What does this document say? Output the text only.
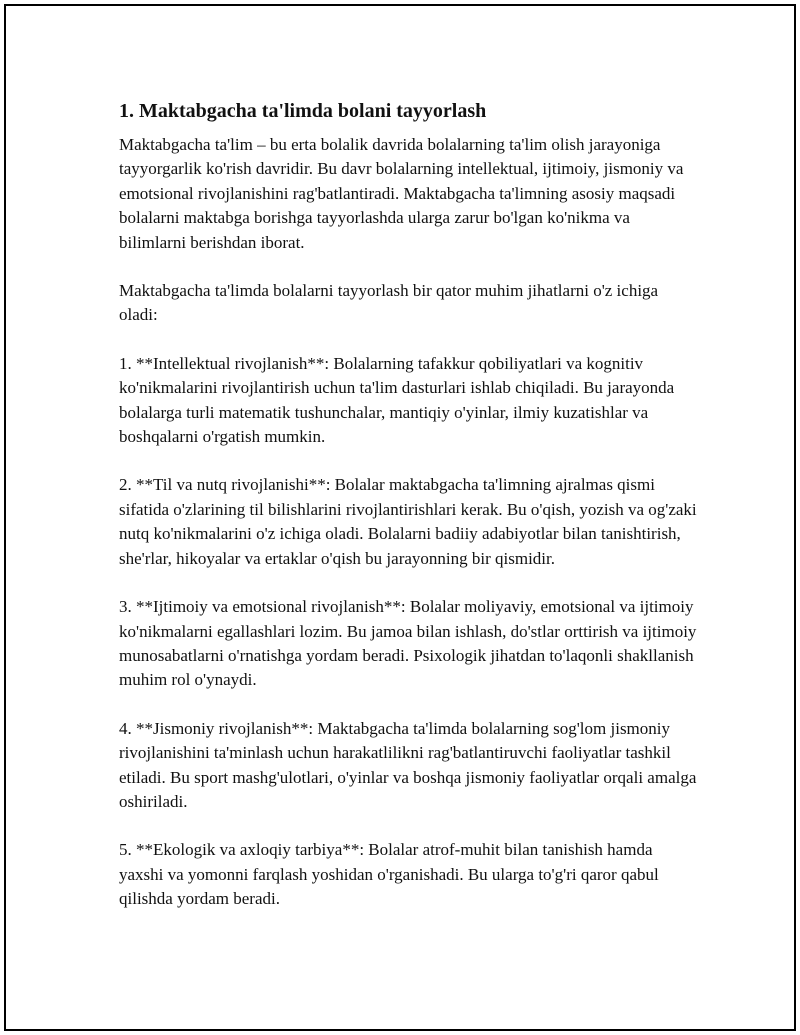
1. Maktabgacha ta'limda bolani tayyorlash

Maktabgacha ta'lim – bu erta bolalik davrida bolalarning ta'lim olish jarayoniga tayyorgarlik ko'rish davridir. Bu davr bolalarning intellektual, ijtimoiy, jismoniy va emotsional rivojlanishini rag'batlantiradi. Maktabgacha ta'limning asosiy maqsadi bolalarni maktabga borishga tayyorlashda ularga zarur bo'lgan ko'nikma va bilimlarni berishdan iborat.

Maktabgacha ta'limda bolalarni tayyorlash bir qator muhim jihatlarni o'z ichiga oladi:

1. **Intellektual rivojlanish**: Bolalarning tafakkur qobiliyatlari va kognitiv ko'nikmalarini rivojlantirish uchun ta'lim dasturlari ishlab chiqiladi. Bu jarayonda bolalarga turli matematik tushunchalar, mantiqiy o'yinlar, ilmiy kuzatishlar va boshqalarni o'rgatish mumkin.

2. **Til va nutq rivojlanishi**: Bolalar maktabgacha ta'limning ajralmas qismi sifatida o'zlarining til bilishlarini rivojlantirishlari kerak. Bu o'qish, yozish va og'zaki nutq ko'nikmalarini o'z ichiga oladi. Bolalarni badiiy adabiyotlar bilan tanishtirish, she'rlar, hikoyalar va ertaklar o'qish bu jarayonning bir qismidir.

3. **Ijtimoiy va emotsional rivojlanish**: Bolalar moliyaviy, emotsional va ijtimoiy ko'nikmalarni egallashlari lozim. Bu jamoa bilan ishlash, do'stlar orttirish va ijtimoiy munosabatlarni o'rnatishga yordam beradi. Psixologik jihatdan to'laqonli shakllanish muhim rol o'ynaydi.

4. **Jismoniy rivojlanish**: Maktabgacha ta'limda bolalarning sog'lom jismoniy rivojlanishini ta'minlash uchun harakatlilikni rag'batlantiruvchi faoliyatlar tashkil etiladi. Bu sport mashg'ulotlari, o'yinlar va boshqa jismoniy faoliyatlar orqali amalga oshiriladi.

5. **Ekologik va axloqiy tarbiya**: Bolalar atrof-muhit bilan tanishish hamda yaxshi va yomonni farqlash yoshidan o'rganishadi. Bu ularga to'g'ri qaror qabul qilishda yordam beradi.
